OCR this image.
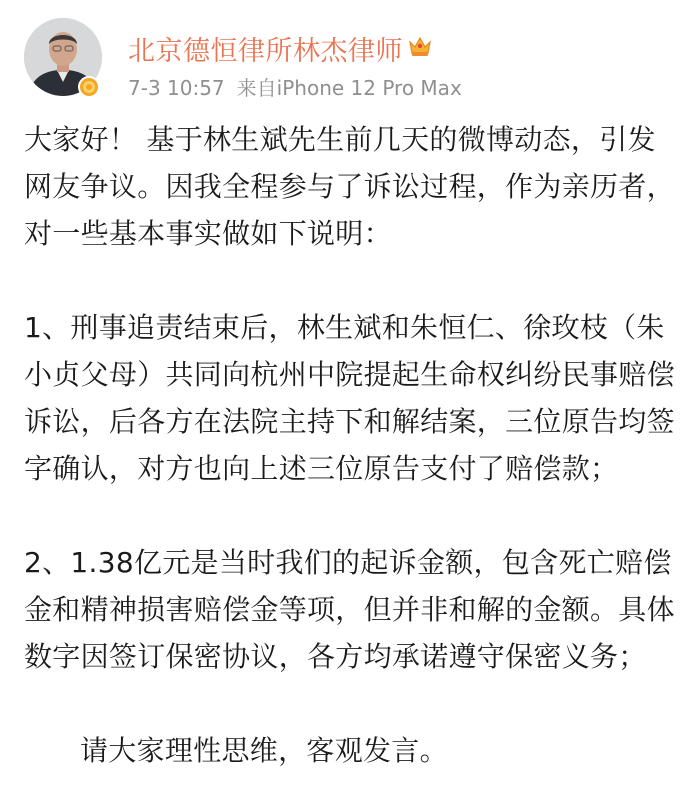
北京德恒律所林杰律师
7-3 10:57 来自iPhone 12 Pro Max

大家好！ 基于林生斌先生前几天的微博动态，引发网友争议。因我全程参与了诉讼过程，作为亲历者，对一些基本事实做如下说明：

1、刑事追责结束后，林生斌和朱恒仁、徐玫枝（朱小贞父母）共同向杭州中院提起生命权纠纷民事赔偿诉讼，后各方在法院主持下和解结案，三位原告均签字确认，对方也向上述三位原告支付了赔偿款；

2、1.38亿元是当时我们的起诉金额，包含死亡赔偿金和精神损害赔偿金等项，但并非和解的金额。具体数字因签订保密协议，各方均承诺遵守保密义务；

请大家理性思维，客观发言。
